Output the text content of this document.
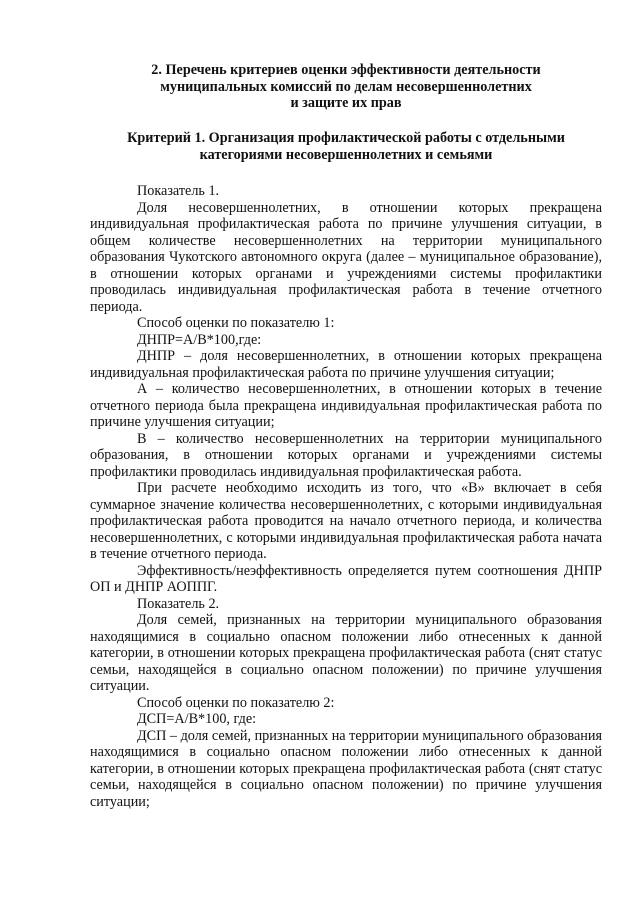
2. Перечень критериев оценки эффективности деятельности
муниципальных комиссий по делам несовершеннолетних
и защите их прав
Критерий 1. Организация профилактической работы с отдельными
категориями несовершеннолетних и семьями

Показатель 1.

Доля несовершеннолетних, в отношении которых прекращена индивидуальная профилактическая работа по причине улучшения ситуации, в общем количестве несовершеннолетних на территории муниципального образования Чукотского автономного округа (далее – муниципальное образование), в отношении которых органами и учреждениями системы профилактики проводилась индивидуальная профилактическая работа в течение отчетного периода.

Способ оценки по показателю 1:

ДНПР=А/В*100,где:

ДНПР – доля несовершеннолетних, в отношении которых прекращена индивидуальная профилактическая работа по причине улучшения ситуации;

А – количество несовершеннолетних, в отношении которых в течение отчетного периода была прекращена индивидуальная профилактическая работа по причине улучшения ситуации;

В – количество несовершеннолетних на территории муниципального образования, в отношении которых органами и учреждениями системы профилактики проводилась индивидуальная профилактическая работа.

При расчете необходимо исходить из того, что «В» включает в себя суммарное значение количества несовершеннолетних, с которыми индивидуальная профилактическая работа проводится на начало отчетного периода, и количества несовершеннолетних, с которыми индивидуальная профилактическая работа начата в течение отчетного периода.

Эффективность/неэффективность определяется путем соотношения ДНПР ОП и ДНПР АОППГ.

Показатель 2.

Доля семей, признанных на территории муниципального образования находящимися в социально опасном положении либо отнесенных к данной категории, в отношении которых прекращена профилактическая работа (снят статус семьи, находящейся в социально опасном положении) по причине улучшения ситуации.

Способ оценки по показателю 2:

ДСП=А/В*100, где:

ДСП – доля семей, признанных на территории муниципального образования находящимися в социально опасном положении либо отнесенных к данной категории, в отношении которых прекращена профилактическая работа (снят статус семьи, находящейся в социально опасном положении) по причине улучшения ситуации;
